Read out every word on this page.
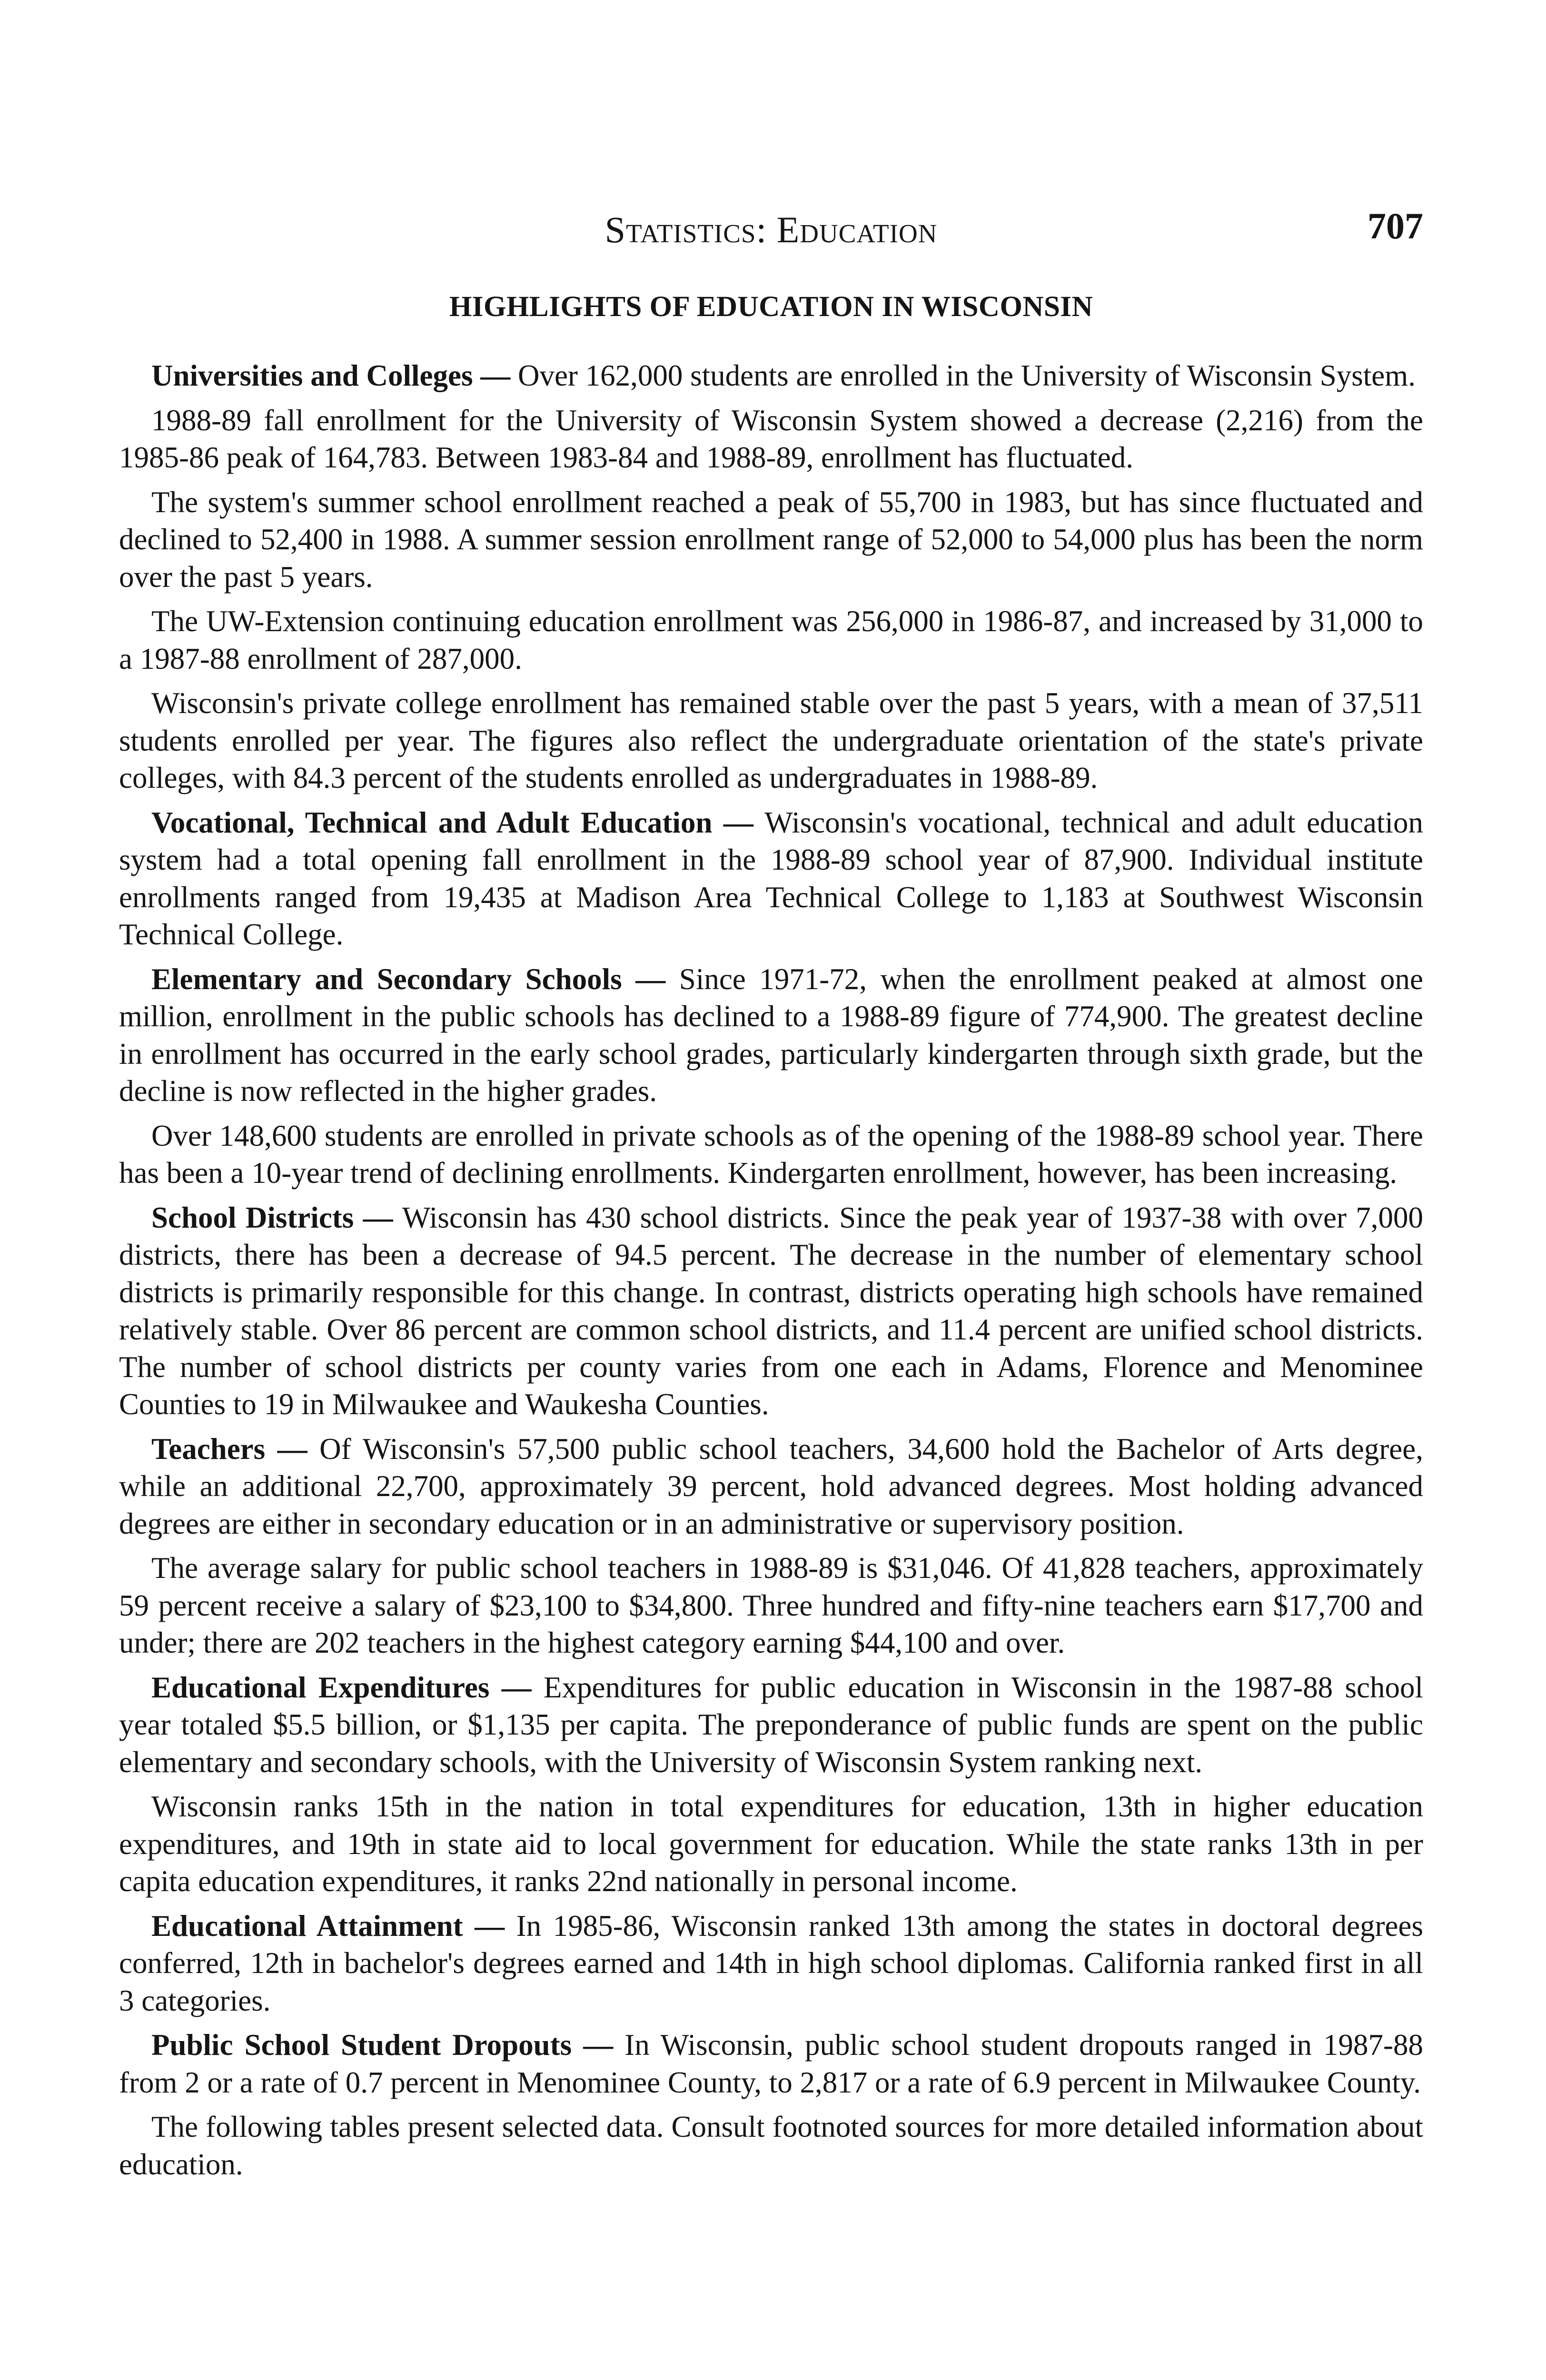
Statistics: Education	707
HIGHLIGHTS OF EDUCATION IN WISCONSIN

Universities and Colleges — Over 162,000 students are enrolled in the University of Wisconsin System.

1988-89 fall enrollment for the University of Wisconsin System showed a decrease (2,216) from the 1985-86 peak of 164,783. Between 1983-84 and 1988-89, enrollment has fluctuated.

The system's summer school enrollment reached a peak of 55,700 in 1983, but has since fluctuated and declined to 52,400 in 1988. A summer session enrollment range of 52,000 to 54,000 plus has been the norm over the past 5 years.

The UW-Extension continuing education enrollment was 256,000 in 1986-87, and increased by 31,000 to a 1987-88 enrollment of 287,000.

Wisconsin's private college enrollment has remained stable over the past 5 years, with a mean of 37,511 students enrolled per year. The figures also reflect the undergraduate orientation of the state's private colleges, with 84.3 percent of the students enrolled as undergraduates in 1988-89.

Vocational, Technical and Adult Education — Wisconsin's vocational, technical and adult education system had a total opening fall enrollment in the 1988-89 school year of 87,900. Individual institute enrollments ranged from 19,435 at Madison Area Technical College to 1,183 at Southwest Wisconsin Technical College.

Elementary and Secondary Schools — Since 1971-72, when the enrollment peaked at almost one million, enrollment in the public schools has declined to a 1988-89 figure of 774,900. The greatest decline in enrollment has occurred in the early school grades, particularly kindergarten through sixth grade, but the decline is now reflected in the higher grades.

Over 148,600 students are enrolled in private schools as of the opening of the 1988-89 school year. There has been a 10-year trend of declining enrollments. Kindergarten enrollment, however, has been increasing.

School Districts — Wisconsin has 430 school districts. Since the peak year of 1937-38 with over 7,000 districts, there has been a decrease of 94.5 percent. The decrease in the number of elementary school districts is primarily responsible for this change. In contrast, districts operating high schools have remained relatively stable. Over 86 percent are common school districts, and 11.4 percent are unified school districts. The number of school districts per county varies from one each in Adams, Florence and Menominee Counties to 19 in Milwaukee and Waukesha Counties.

Teachers — Of Wisconsin's 57,500 public school teachers, 34,600 hold the Bachelor of Arts degree, while an additional 22,700, approximately 39 percent, hold advanced degrees. Most holding advanced degrees are either in secondary education or in an administrative or supervisory position.

The average salary for public school teachers in 1988-89 is $31,046. Of 41,828 teachers, approximately 59 percent receive a salary of $23,100 to $34,800. Three hundred and fifty-nine teachers earn $17,700 and under; there are 202 teachers in the highest category earning $44,100 and over.

Educational Expenditures — Expenditures for public education in Wisconsin in the 1987-88 school year totaled $5.5 billion, or $1,135 per capita. The preponderance of public funds are spent on the public elementary and secondary schools, with the University of Wisconsin System ranking next.

Wisconsin ranks 15th in the nation in total expenditures for education, 13th in higher education expenditures, and 19th in state aid to local government for education. While the state ranks 13th in per capita education expenditures, it ranks 22nd nationally in personal income.

Educational Attainment — In 1985-86, Wisconsin ranked 13th among the states in doctoral degrees conferred, 12th in bachelor's degrees earned and 14th in high school diplomas. California ranked first in all 3 categories.

Public School Student Dropouts — In Wisconsin, public school student dropouts ranged in 1987-88 from 2 or a rate of 0.7 percent in Menominee County, to 2,817 or a rate of 6.9 percent in Milwaukee County.

The following tables present selected data. Consult footnoted sources for more detailed information about education.
